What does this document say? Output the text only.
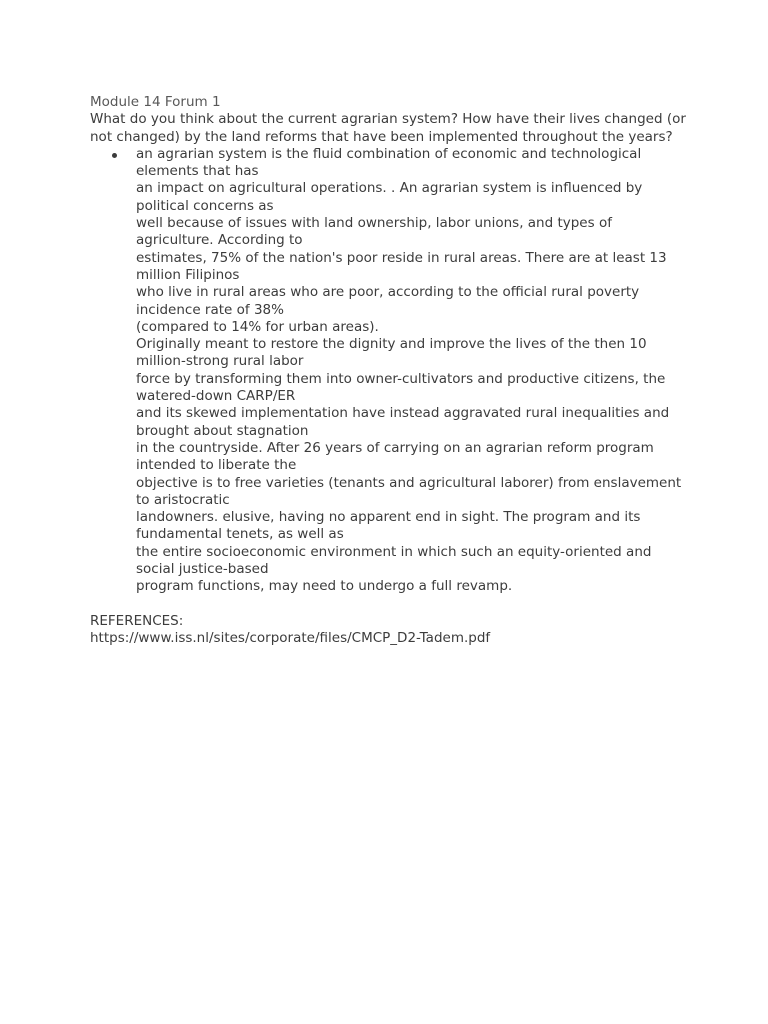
Module 14 Forum 1
What do you think about the current agrarian system? How have their lives changed (or
not changed) by the land reforms that have been implemented throughout the years?
an agrarian system is the fluid combination of economic and technological
elements that has
an impact on agricultural operations. . An agrarian system is influenced by
political concerns as
well because of issues with land ownership, labor unions, and types of
agriculture. According to
estimates, 75% of the nation's poor reside in rural areas. There are at least 13
million Filipinos
who live in rural areas who are poor, according to the official rural poverty
incidence rate of 38%
(compared to 14% for urban areas).
Originally meant to restore the dignity and improve the lives of the then 10
million-strong rural labor
force by transforming them into owner-cultivators and productive citizens, the
watered-down CARP/ER
and its skewed implementation have instead aggravated rural inequalities and
brought about stagnation
in the countryside. After 26 years of carrying on an agrarian reform program
intended to liberate the
objective is to free varieties (tenants and agricultural laborer) from enslavement
to aristocratic
landowners. elusive, having no apparent end in sight. The program and its
fundamental tenets, as well as
the entire socioeconomic environment in which such an equity-oriented and
social justice-based
program functions, may need to undergo a full revamp.
REFERENCES:
https://www.iss.nl/sites/corporate/files/CMCP_D2-Tadem.pdf
